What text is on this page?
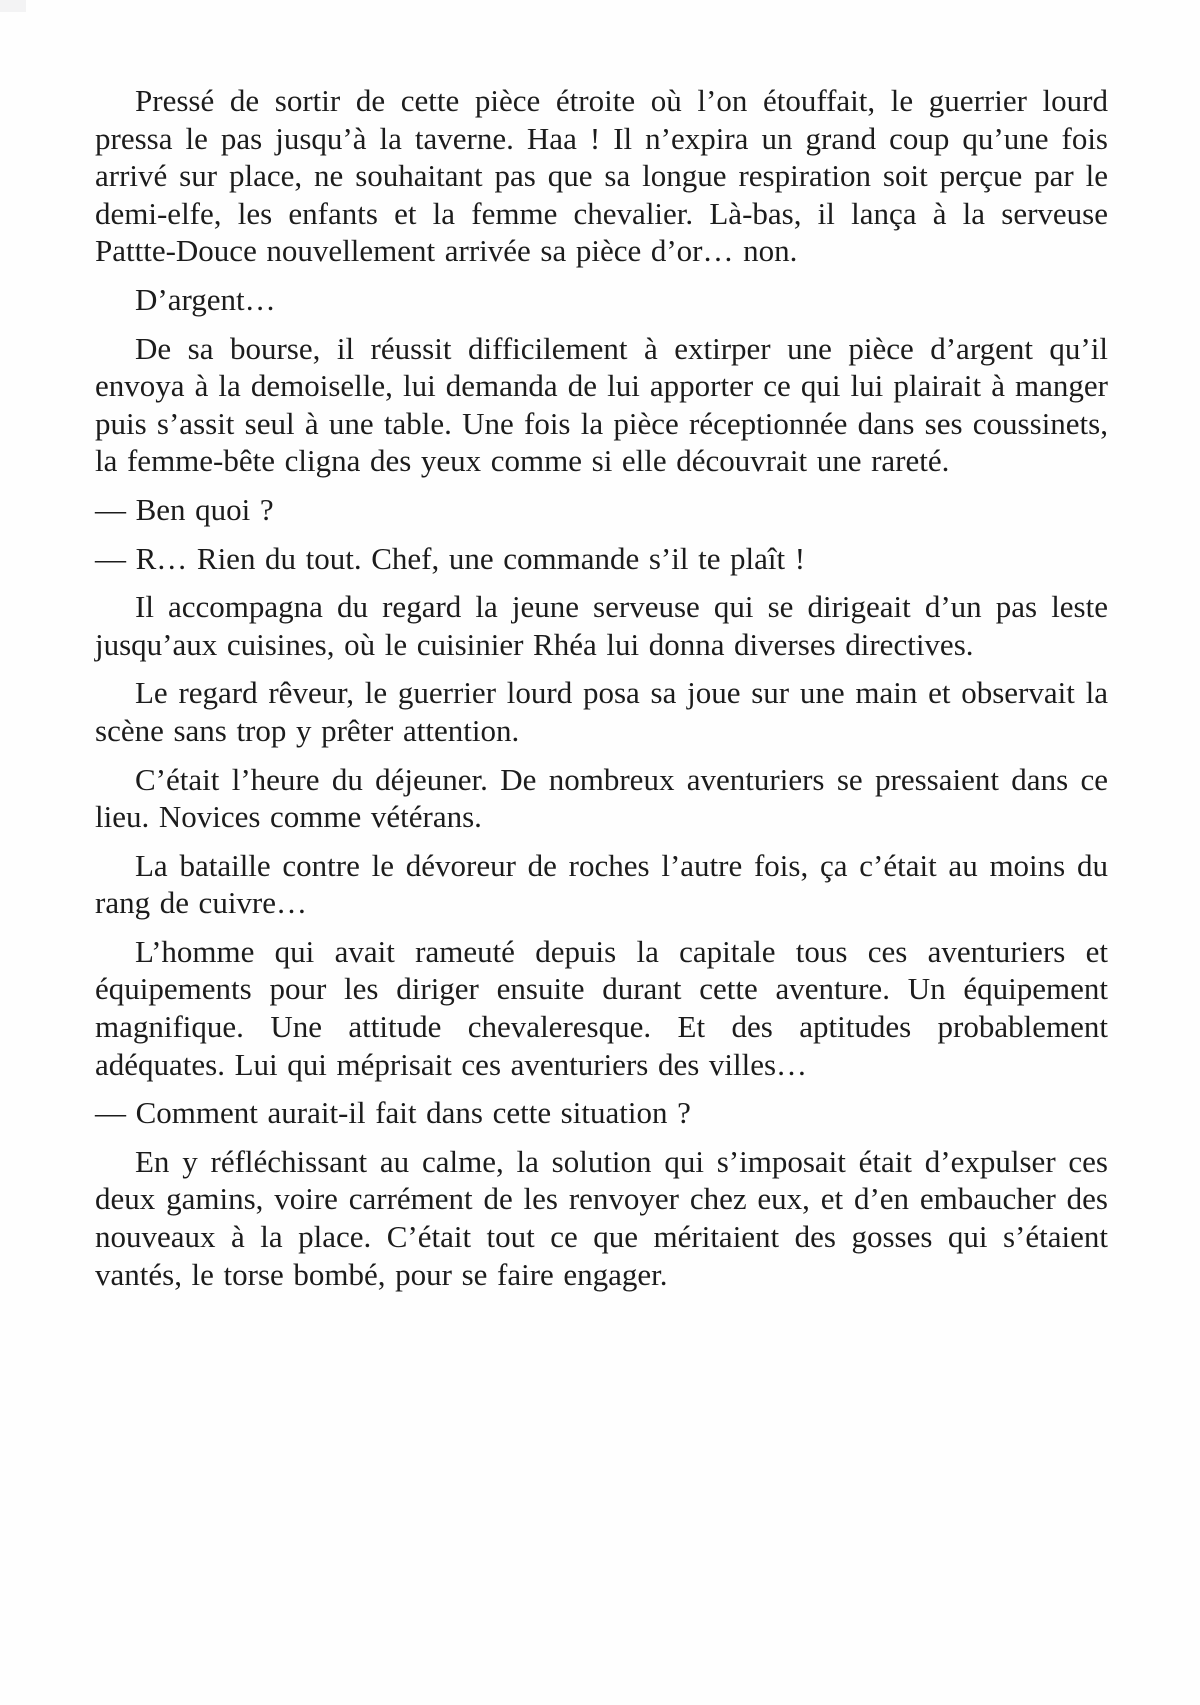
Pressé de sortir de cette pièce étroite où l’on étouffait, le guerrier lourd pressa le pas jusqu’à la taverne. Haa ! Il n’expira un grand coup qu’une fois arrivé sur place, ne souhaitant pas que sa longue respiration soit perçue par le demi-elfe, les enfants et la femme chevalier. Là-bas, il lança à la serveuse Pattte-Douce nouvellement arrivée sa pièce d’or… non.

D’argent…

De sa bourse, il réussit difficilement à extirper une pièce d’argent qu’il envoya à la demoiselle, lui demanda de lui apporter ce qui lui plairait à manger puis s’assit seul à une table. Une fois la pièce réceptionnée dans ses coussinets, la femme-bête cligna des yeux comme si elle découvrait une rareté.

— Ben quoi ?

— R… Rien du tout. Chef, une commande s’il te plaît !

Il accompagna du regard la jeune serveuse qui se dirigeait d’un pas leste jusqu’aux cuisines, où le cuisinier Rhéa lui donna diverses directives.

Le regard rêveur, le guerrier lourd posa sa joue sur une main et observait la scène sans trop y prêter attention.

C’était l’heure du déjeuner. De nombreux aventuriers se pressaient dans ce lieu. Novices comme vétérans.

La bataille contre le dévoreur de roches l’autre fois, ça c’était au moins du rang de cuivre…

L’homme qui avait rameuté depuis la capitale tous ces aventuriers et équipements pour les diriger ensuite durant cette aventure. Un équipement magnifique. Une attitude chevaleresque. Et des aptitudes probablement adéquates. Lui qui méprisait ces aventuriers des villes…

— Comment aurait-il fait dans cette situation ?

En y réfléchissant au calme, la solution qui s’imposait était d’expulser ces deux gamins, voire carrément de les renvoyer chez eux, et d’en embaucher des nouveaux à la place. C’était tout ce que méritaient des gosses qui s’étaient vantés, le torse bombé, pour se faire engager.
